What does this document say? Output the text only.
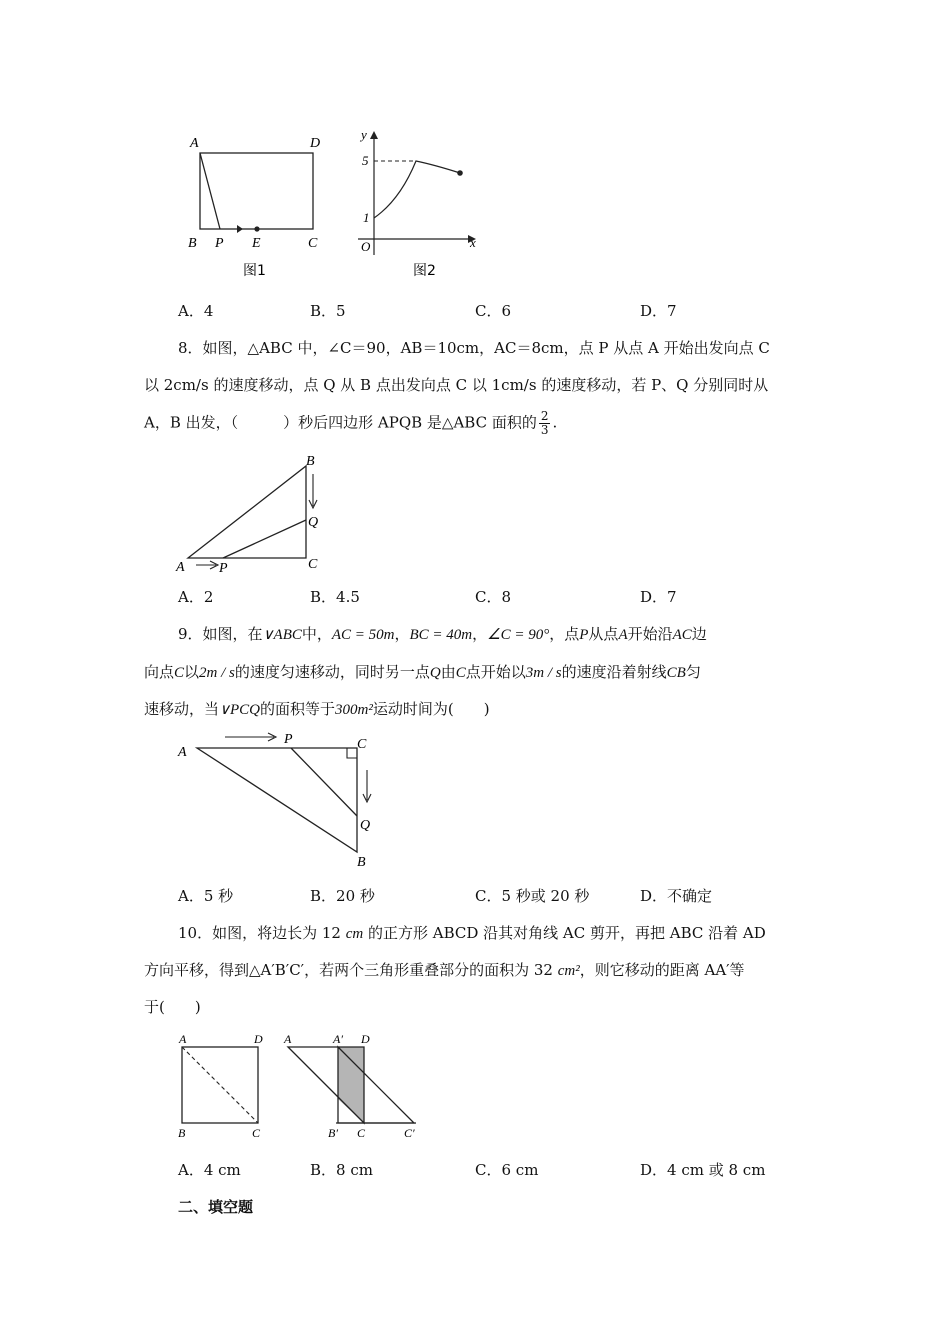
A	D
B P E	C
图1
y
5
1
O	x
图2
A．4	B．5	C．6	D．7
8．如图，△ABC 中，∠C＝90，AB＝10cm，AC＝8cm，点 P 从点 A 开始出发向点 C
以 2cm/s 的速度移动，点 Q 从 B 点出发向点 C 以 1cm/s 的速度移动，若 P、Q 分别同时从
A，B 出发，（　　　）秒后四边形 APQB 是△ABC 面积的 $\frac{2}{3}$ .
B
Q
C
A P
A．2	B．4.5	C．8	D．7
9．如图，在∨ABC中，AC = 50m，BC = 40m，∠C = 90°，点P从点A开始沿AC边
向点C以2m / s的速度匀速移动，同时另一点Q由C点开始以3m / s的速度沿着射线CB匀
速移动，当∨PCQ的面积等于300m²运动时间为(　　)
A
P	C
Q
B
A．5 秒	B．20 秒	C．5 秒或 20 秒	D．不确定
10．如图，将边长为 12 cm 的正方形 ABCD 沿其对角线 AC 剪开，再把 ABC 沿着 AD
方向平移，得到△A′B′C′，若两个三角形重叠部分的面积为 32 cm²，则它移动的距离 AA′等
于(　　)
A	D
B	C
A	A′ D
B′ C	C′
A．4 cm	B．8 cm	C．6 cm	D．4 cm 或 8 cm
二、填空题
